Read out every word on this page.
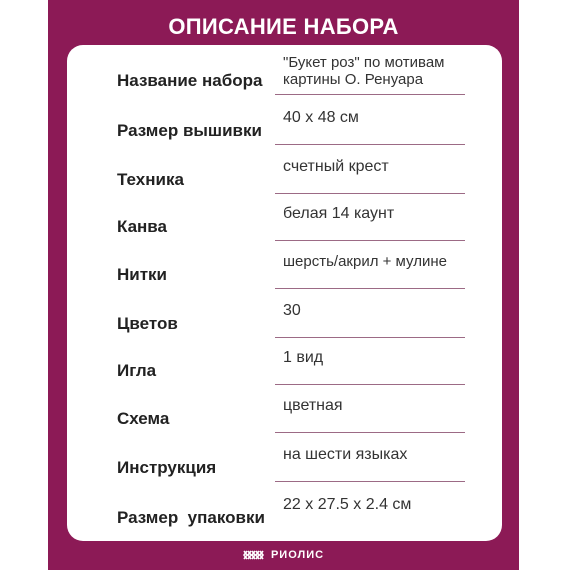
ОПИСАНИЕ НАБОРА
Название набора
"Букет роз" по мотивам картины О. Ренуара
Размер вышивки
40 x 48 см
Техника
счетный крест
Канва
белая 14 каунт
Нитки
шерсть/акрил + мулине
Цветов
30
Игла
1 вид
Схема
цветная
Инструкция
на шести языках
Размер  упаковки
22 x 27.5 x 2.4 см
РИОЛИС
